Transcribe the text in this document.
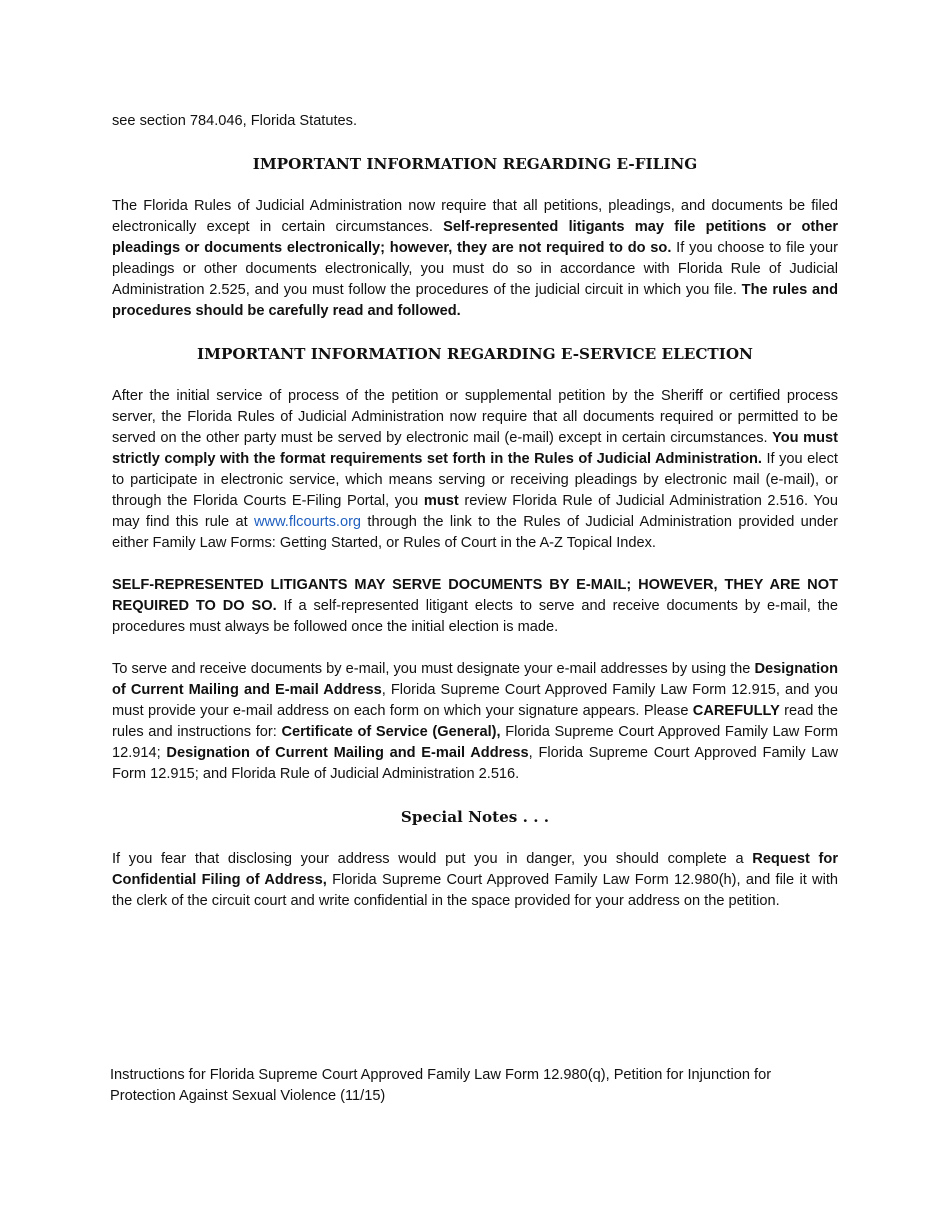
see section 784.046, Florida Statutes.

IMPORTANT INFORMATION REGARDING E-FILING

The Florida Rules of Judicial Administration now require that all petitions, pleadings, and documents be filed electronically except in certain circumstances. Self-represented litigants may file petitions or other pleadings or documents electronically; however, they are not required to do so. If you choose to file your pleadings or other documents electronically, you must do so in accordance with Florida Rule of Judicial Administration 2.525, and you must follow the procedures of the judicial circuit in which you file. The rules and procedures should be carefully read and followed.

IMPORTANT INFORMATION REGARDING E-SERVICE ELECTION

After the initial service of process of the petition or supplemental petition by the Sheriff or certified process server, the Florida Rules of Judicial Administration now require that all documents required or permitted to be served on the other party must be served by electronic mail (e-mail) except in certain circumstances. You must strictly comply with the format requirements set forth in the Rules of Judicial Administration. If you elect to participate in electronic service, which means serving or receiving pleadings by electronic mail (e-mail), or through the Florida Courts E-Filing Portal, you must review Florida Rule of Judicial Administration 2.516. You may find this rule at www.flcourts.org through the link to the Rules of Judicial Administration provided under either Family Law Forms: Getting Started, or Rules of Court in the A-Z Topical Index.

SELF-REPRESENTED LITIGANTS MAY SERVE DOCUMENTS BY E-MAIL; HOWEVER, THEY ARE NOT REQUIRED TO DO SO. If a self-represented litigant elects to serve and receive documents by e-mail, the procedures must always be followed once the initial election is made.

To serve and receive documents by e-mail, you must designate your e-mail addresses by using the Designation of Current Mailing and E-mail Address, Florida Supreme Court Approved Family Law Form 12.915, and you must provide your e-mail address on each form on which your signature appears. Please CAREFULLY read the rules and instructions for: Certificate of Service (General), Florida Supreme Court Approved Family Law Form 12.914; Designation of Current Mailing and E-mail Address, Florida Supreme Court Approved Family Law Form 12.915; and Florida Rule of Judicial Administration 2.516.

Special Notes . . .

If you fear that disclosing your address would put you in danger, you should complete a Request for Confidential Filing of Address, Florida Supreme Court Approved Family Law Form 12.980(h), and file it with the clerk of the circuit court and write confidential in the space provided for your address on the petition.

Instructions for Florida Supreme Court Approved Family Law Form 12.980(q), Petition for Injunction for
Protection Against Sexual Violence (11/15)
